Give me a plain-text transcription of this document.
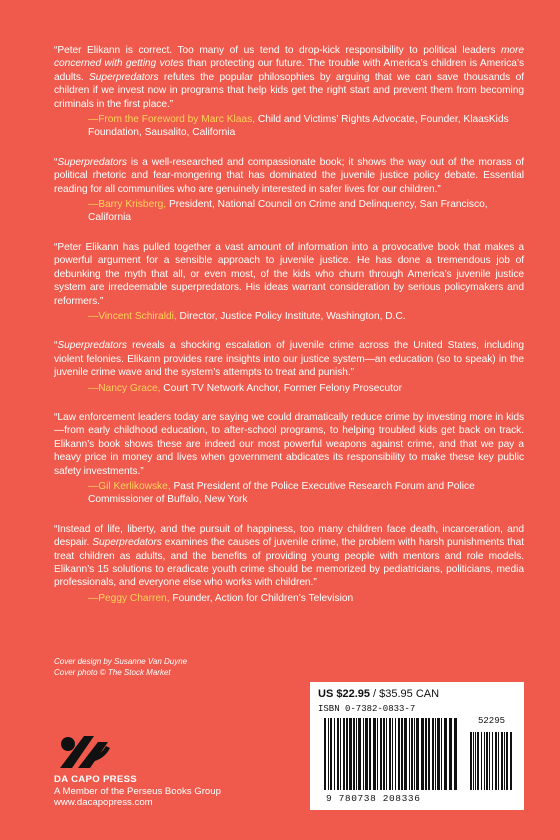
“Peter Elikann is correct. Too many of us tend to drop-kick responsibility to political leaders more concerned with getting votes than protecting our future. The trouble with America’s children is America’s adults. Superpredators refutes the popular philosophies by arguing that we can save thousands of children if we invest now in programs that help kids get the right start and prevent them from becoming criminals in the first place.”

—From the Foreword by Marc Klaas, Child and Victims’ Rights Advocate, Founder, KlaasKids Foundation, Sausalito, California

“Superpredators is a well-researched and compassionate book; it shows the way out of the morass of political rhetoric and fear-mongering that has dominated the juvenile justice policy debate. Essential reading for all communities who are genuinely interested in safer lives for our children.”

—Barry Krisberg, President, National Council on Crime and Delinquency, San Francisco, California

“Peter Elikann has pulled together a vast amount of information into a provocative book that makes a powerful argument for a sensible approach to juvenile justice. He has done a tremendous job of debunking the myth that all, or even most, of the kids who churn through America’s juvenile justice system are irredeemable superpredators. His ideas warrant consideration by serious policymakers and reformers.”

—Vincent Schiraldi, Director, Justice Policy Institute, Washington, D.C.

“Superpredators reveals a shocking escalation of juvenile crime across the United States, including violent felonies. Elikann provides rare insights into our justice system—an education (so to speak) in the juvenile crime wave and the system’s attempts to treat and punish.”

—Nancy Grace, Court TV Network Anchor, Former Felony Prosecutor

“Law enforcement leaders today are saying we could dramatically reduce crime by investing more in kids—from early childhood education, to after-school programs, to helping troubled kids get back on track. Elikann’s book shows these are indeed our most powerful weapons against crime, and that we pay a heavy price in money and lives when government abdicates its responsibility to make these key public safety investments.”

—Gil Kerlikowske, Past President of the Police Executive Research Forum and Police Commissioner of Buffalo, New York

“Instead of life, liberty, and the pursuit of happiness, too many children face death, incarceration, and despair. Superpredators examines the causes of juvenile crime, the problem with harsh punishments that treat children as adults, and the benefits of providing young people with mentors and role models. Elikann’s 15 solutions to eradicate youth crime should be memorized by pediatricians, politicians, media professionals, and everyone else who works with children.”

—Peggy Charren, Founder, Action for Children’s Television
Cover design by Susanne Van Duyne
Cover photo © The Stock Market
DA CAPO PRESS
A Member of the Perseus Books Group
www.dacapopress.com
US $22.95 / $35.95 CAN
ISBN 0-7382-0833-7
52295
9 780738 208336
